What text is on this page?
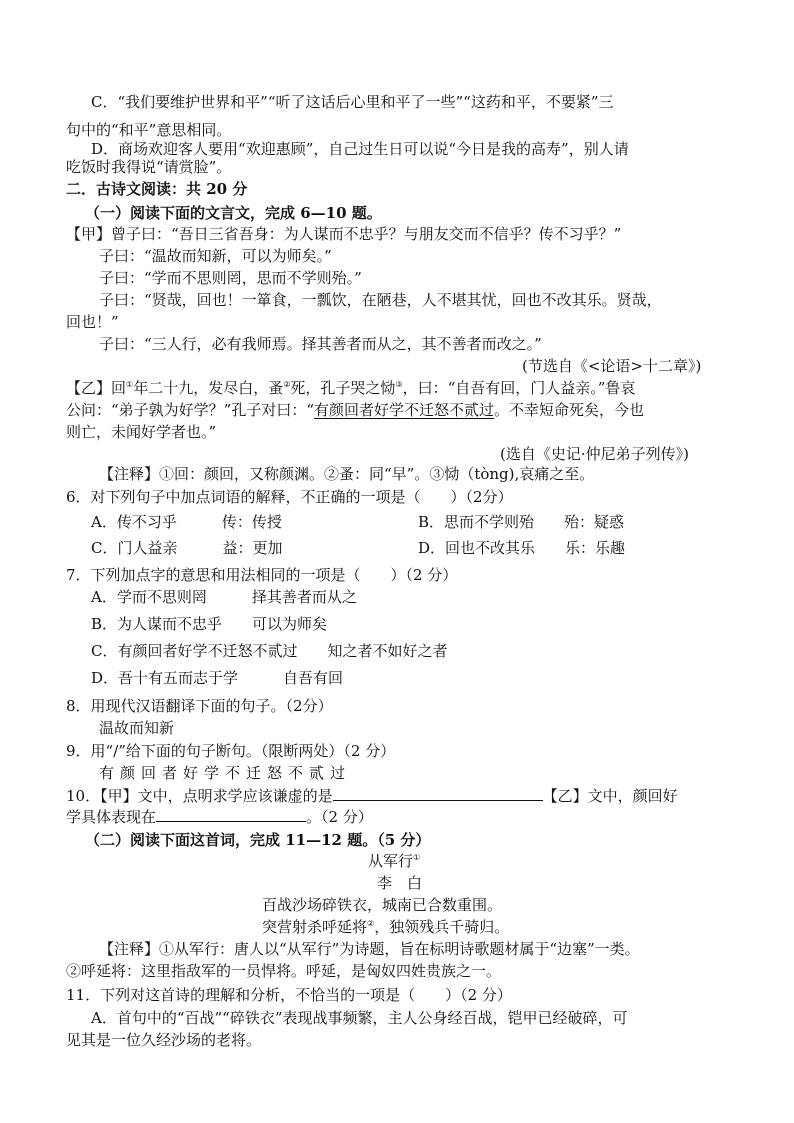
C．“我们要维护世界和平”“听了这话后心里和平了一些”“这药和平，不要紧”三
句中的“和平”意思相同。
D．商场欢迎客人要用“欢迎惠顾”，自己过生日可以说“今日是我的高寿”，别人请
吃饭时我得说“请赏脸”。
二．古诗文阅读：共 20 分
（一）阅读下面的文言文，完成 6—10 题。
【甲】曾子曰：“吾日三省吾身：为人谋而不忠乎？与朋友交而不信乎？传不习乎？”
子曰：“温故而知新，可以为师矣。”
子曰：“学而不思则罔，思而不学则殆。”
子曰：“贤哉，回也！一箪食，一瓢饮，在陋巷，人不堪其忧，回也不改其乐。贤哉，
回也！”
子曰：“三人行，必有我师焉。择其善者而从之，其不善者而改之。”
(节选自《<论语>十二章》)
【乙】回①年二十九，发尽白，蚤②死，孔子哭之恸③，曰：“自吾有回，门人益亲。”鲁哀
公问：“弟子孰为好学？”孔子对曰：“有颜回者好学不迁怒不贰过。不幸短命死矣，今也
则亡，未闻好学者也。”
(选自《史记·仲尼弟子列传》)
【注释】①回：颜回，又称颜渊。②蚤：同“早”。③恸（tòng),哀痛之至。
6．对下列句子中加点词语的解释，不正确的一项是（　　）（2分）
A．传不习乎　　　传：传授	B．思而不学则殆　　殆：疑惑
C．门人益亲　　　益：更加	D．回也不改其乐　　乐：乐趣
7．下列加点字的意思和用法相同的一项是（　　）（2 分）
A．学而不思则罔　　　择其善者而从之
B．为人谋而不忠乎　　可以为师矣
C．有颜回者好学不迁怒不贰过　　知之者不如好之者
D．吾十有五而志于学　　　自吾有回
8．用现代汉语翻译下面的句子。（2分）
温故而知新
9．用“/”给下面的句子断句。（限断两处）（2 分）
有颜回者好学不迁怒不贰过
10．【甲】文中，点明求学应该谦虚的是	【乙】文中，颜回好
学具体表现在	。（2 分）
（二）阅读下面这首词，完成 11—12 题。（5 分）
从军行①
李　白
百战沙场碎铁衣，城南已合数重围。
突营射杀呼延将②，独领残兵千骑归。
【注释】①从军行：唐人以“从军行”为诗题，旨在标明诗歌题材属于“边塞”一类。
②呼延将：这里指敌军的一员悍将。呼延，是匈奴四姓贵族之一。
11．下列对这首诗的理解和分析，不恰当的一项是（　　）（2 分）
A．首句中的“百战”“碎铁衣”表现战事频繁，主人公身经百战，铠甲已经破碎，可
见其是一位久经沙场的老将。
